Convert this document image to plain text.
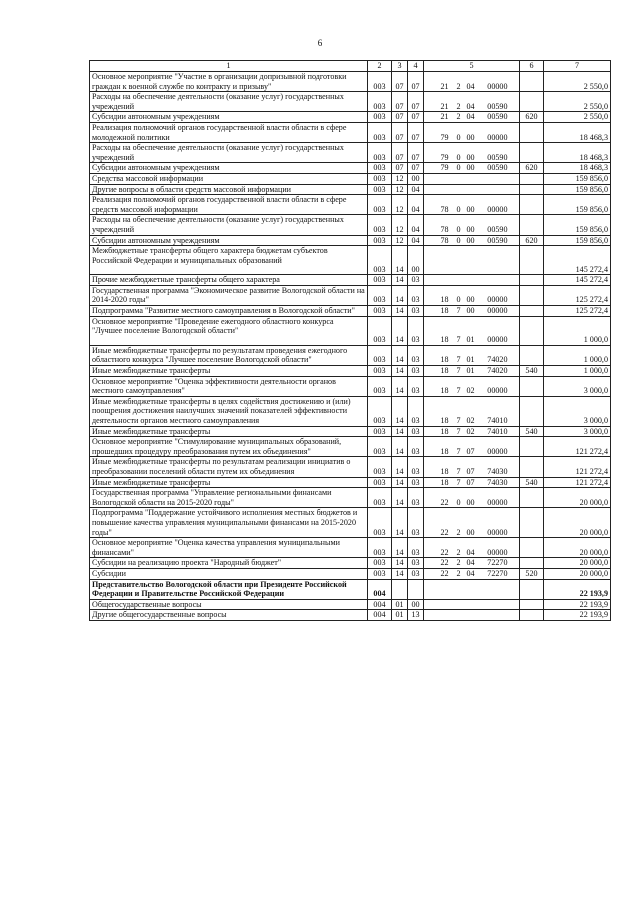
6
1	2	3	4	5	6	7
Основное мероприятие "Участие в организации допризывной подготовки граждан к военной службе по контракту и призыву"	003	07	07	21 2 04 00000		2 550,0
Расходы на обеспечение деятельности (оказание услуг) государственных учреждений	003	07	07	21 2 04 00590		2 550,0
Субсидии автономным учреждениям	003	07	07	21 2 04 00590	620	2 550,0
Реализация полномочий органов государственной власти области в сфере молодежной политики	003	07	07	79 0 00 00000		18 468,3
Расходы на обеспечение деятельности (оказание услуг) государственных учреждений	003	07	07	79 0 00 00590		18 468,3
Субсидии автономным учреждениям	003	07	07	79 0 00 00590	620	18 468,3
Средства массовой информации	003	12	00			159 856,0
Другие вопросы в области средств массовой информации	003	12	04			159 856,0
Реализация полномочий органов государственной власти области в сфере средств массовой информации	003	12	04	78 0 00 00000		159 856,0
Расходы на обеспечение деятельности (оказание услуг) государственных учреждений	003	12	04	78 0 00 00590		159 856,0
Субсидии автономным учреждениям	003	12	04	78 0 00 00590	620	159 856,0
Межбюджетные трансферты общего характера бюджетам субъектов Российской Федерации и муниципальных образований	003	14	00			145 272,4
Прочие межбюджетные трансферты общего характера	003	14	03			145 272,4
Государственная программа "Экономическое развитие Вологодской области на 2014-2020 годы"	003	14	03	18 0 00 00000		125 272,4
Подпрограмма "Развитие местного самоуправления в Вологодской области"	003	14	03	18 7 00 00000		125 272,4
Основное мероприятие "Проведение ежегодного областного конкурса "Лучшее поселение Вологодской области"	003	14	03	18 7 01 00000		1 000,0
Иные межбюджетные трансферты по результатам проведения ежегодного областного конкурса "Лучшее поселение Вологодской области"	003	14	03	18 7 01 74020		1 000,0
Иные межбюджетные трансферты	003	14	03	18 7 01 74020	540	1 000,0
Основное мероприятие "Оценка эффективности деятельности органов местного самоуправления"	003	14	03	18 7 02 00000		3 000,0
Иные межбюджетные трансферты в целях содействия достижению и (или) поощрения достижения наилучших значений показателей эффективности деятельности органов местного самоуправления	003	14	03	18 7 02 74010		3 000,0
Иные межбюджетные трансферты	003	14	03	18 7 02 74010	540	3 000,0
Основное мероприятие "Стимулирование муниципальных образований, прошедших процедуру преобразования путем их объединения"	003	14	03	18 7 07 00000		121 272,4
Иные межбюджетные трансферты по результатам реализации инициатив о преобразовании поселений области путем их объединения	003	14	03	18 7 07 74030		121 272,4
Иные межбюджетные трансферты	003	14	03	18 7 07 74030	540	121 272,4
Государственная программа "Управление региональными финансами Вологодской области на 2015-2020 годы"	003	14	03	22 0 00 00000		20 000,0
Подпрограмма "Поддержание устойчивого исполнения местных бюджетов и повышение качества управления муниципальными финансами на 2015-2020 годы"	003	14	03	22 2 00 00000		20 000,0
Основное мероприятие "Оценка качества управления муниципальными финансами"	003	14	03	22 2 04 00000		20 000,0
Субсидии на реализацию проекта "Народный бюджет"	003	14	03	22 2 04 72270		20 000,0
Субсидии	003	14	03	22 2 04 72270	520	20 000,0
Представительство Вологодской области при Президенте Российской Федерации и Правительстве Российской Федерации	004					22 193,9
Общегосударственные вопросы	004	01	00			22 193,9
Другие общегосударственные вопросы	004	01	13			22 193,9
